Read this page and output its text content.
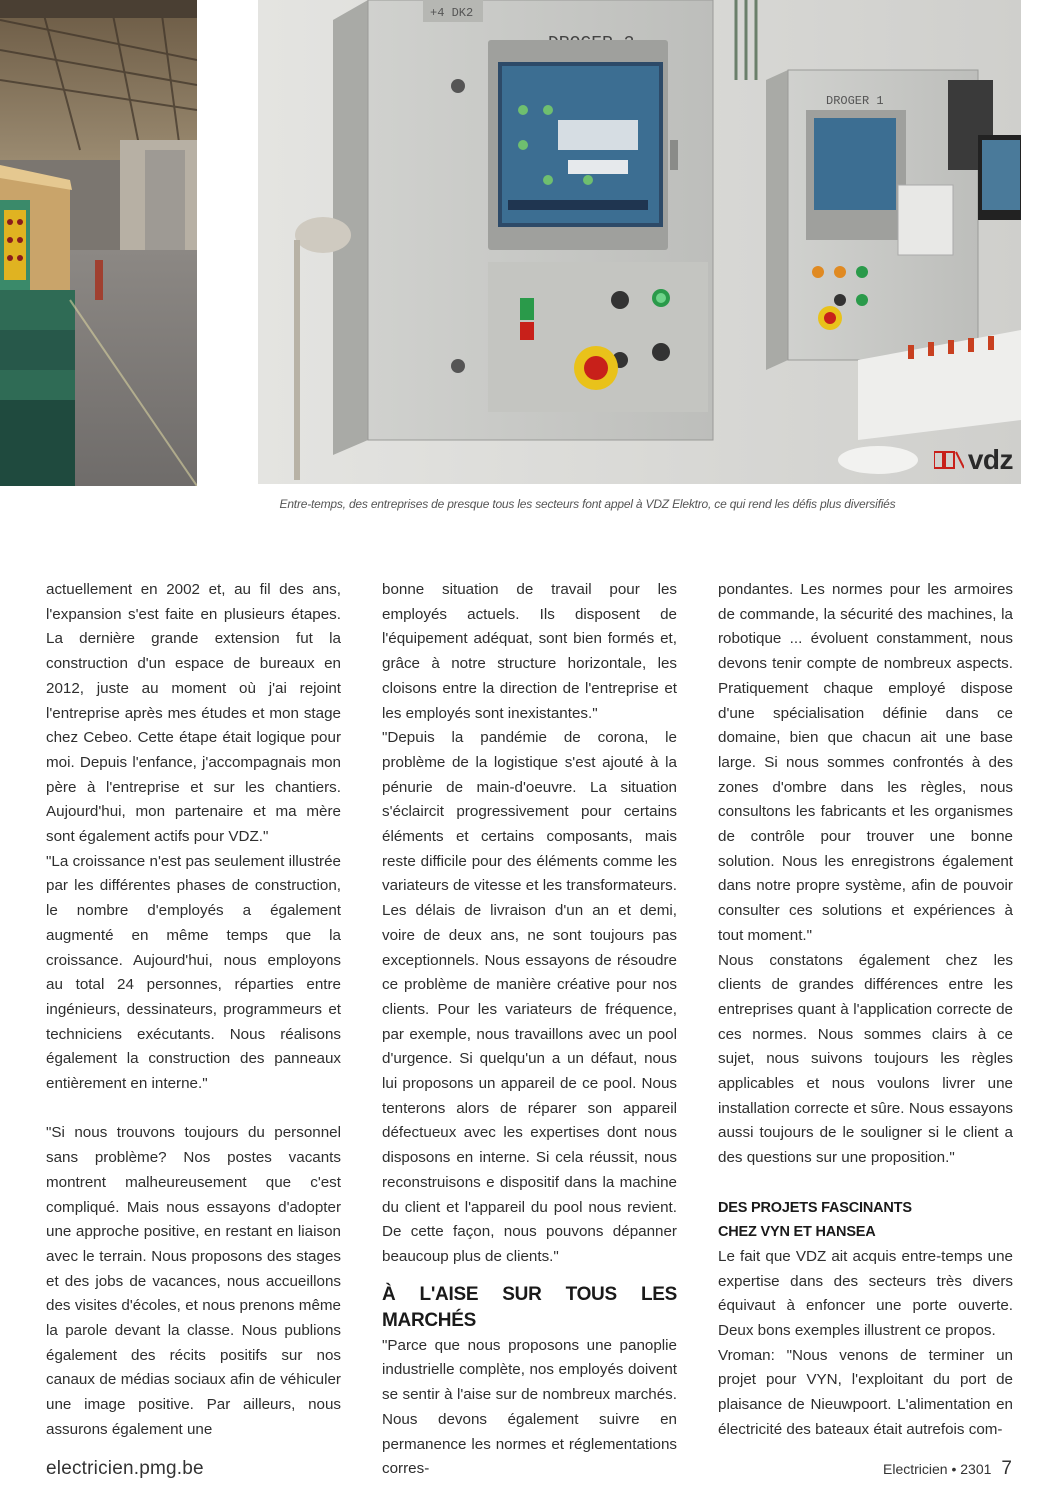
+4 DK2
DROGER 1
vdz
Entre-temps, des entreprises de presque tous les secteurs font appel à VDZ Elektro, ce qui rend les défis plus diversifiés

actuellement en 2002 et, au fil des ans, l'expansion s'est faite en plusieurs étapes. La dernière grande extension fut la construction d'un espace de bureaux en 2012, juste au moment où j'ai rejoint l'entreprise après mes études et mon stage chez Cebeo. Cette étape était logique pour moi. Depuis l'enfance, j'accompagnais mon père à l'entreprise et sur les chantiers. Aujourd'hui, mon partenaire et ma mère sont également actifs pour VDZ."

"La croissance n'est pas seulement illustrée par les différentes phases de construction, le nombre d'employés a également augmenté en même temps que la croissance. Aujourd'hui, nous employons au total 24 personnes, réparties entre ingénieurs, dessinateurs, programmeurs et techniciens exécutants. Nous réalisons également la construction des panneaux entièrement en interne."

"Si nous trouvons toujours du personnel sans problème? Nos postes vacants montrent malheureusement que c'est compliqué. Mais nous essayons d'adopter une approche positive, en restant en liaison avec le terrain. Nous proposons des stages et des jobs de vacances, nous accueillons des visites d'écoles, et nous prenons même la parole devant la classe. Nous publions également des récits positifs sur nos canaux de médias sociaux afin de véhiculer une image positive. Par ailleurs, nous assurons également une

bonne situation de travail pour les employés actuels. Ils disposent de l'équipement adéquat, sont bien formés et, grâce à notre structure horizontale, les cloisons entre la direction de l'entreprise et les employés sont inexistantes."

"Depuis la pandémie de corona, le problème de la logistique s'est ajouté à la pénurie de main-d'oeuvre. La situation s'éclaircit progressivement pour certains éléments et certains composants, mais reste difficile pour des éléments comme les variateurs de vitesse et les transformateurs. Les délais de livraison d'un an et demi, voire de deux ans, ne sont toujours pas exceptionnels. Nous essayons de résoudre ce problème de manière créative pour nos clients. Pour les variateurs de fréquence, par exemple, nous travaillons avec un pool d'urgence. Si quelqu'un a un défaut, nous lui proposons un appareil de ce pool. Nous tenterons alors de réparer son appareil défectueux avec les expertises dont nous disposons en interne. Si cela réussit, nous reconstruisons e dispositif dans la machine du client et l'appareil du pool nous revient. De cette façon, nous pouvons dépanner beaucoup plus de clients."

À L'AISE SUR TOUS LES MARCHÉS

"Parce que nous proposons une panoplie industrielle complète, nos employés doivent se sentir à l'aise sur de nombreux marchés. Nous devons également suivre en permanence les normes et réglementations corres-

pondantes. Les normes pour les armoires de commande, la sécurité des machines, la robotique ... évoluent constamment, nous devons tenir compte de nombreux aspects. Pratiquement chaque employé dispose d'une spécialisation définie dans ce domaine, bien que chacun ait une base large. Si nous sommes confrontés à des zones d'ombre dans les règles, nous consultons les fabricants et les organismes de contrôle pour trouver une bonne solution. Nous les enregistrons également dans notre propre système, afin de pouvoir consulter ces solutions et expériences à tout moment."

Nous constatons également chez les clients de grandes différences entre les entreprises quant à l'application correcte de ces normes. Nous sommes clairs à ce sujet, nous suivons toujours les règles applicables et nous voulons livrer une installation correcte et sûre. Nous essayons aussi toujours de le souligner si le client a des questions sur une proposition."

DES PROJETS FASCINANTS
CHEZ VYN ET HANSEA

Le fait que VDZ ait acquis entre-temps une expertise dans des secteurs très divers équivaut à enfoncer une porte ouverte. Deux bons exemples illustrent ce propos.

Vroman: "Nous venons de terminer un projet pour VYN, l'exploitant du port de plaisance de Nieuwpoort. L'alimentation en électricité des bateaux était autrefois com-

electricien.pmg.be	Electricien • 2301 7
